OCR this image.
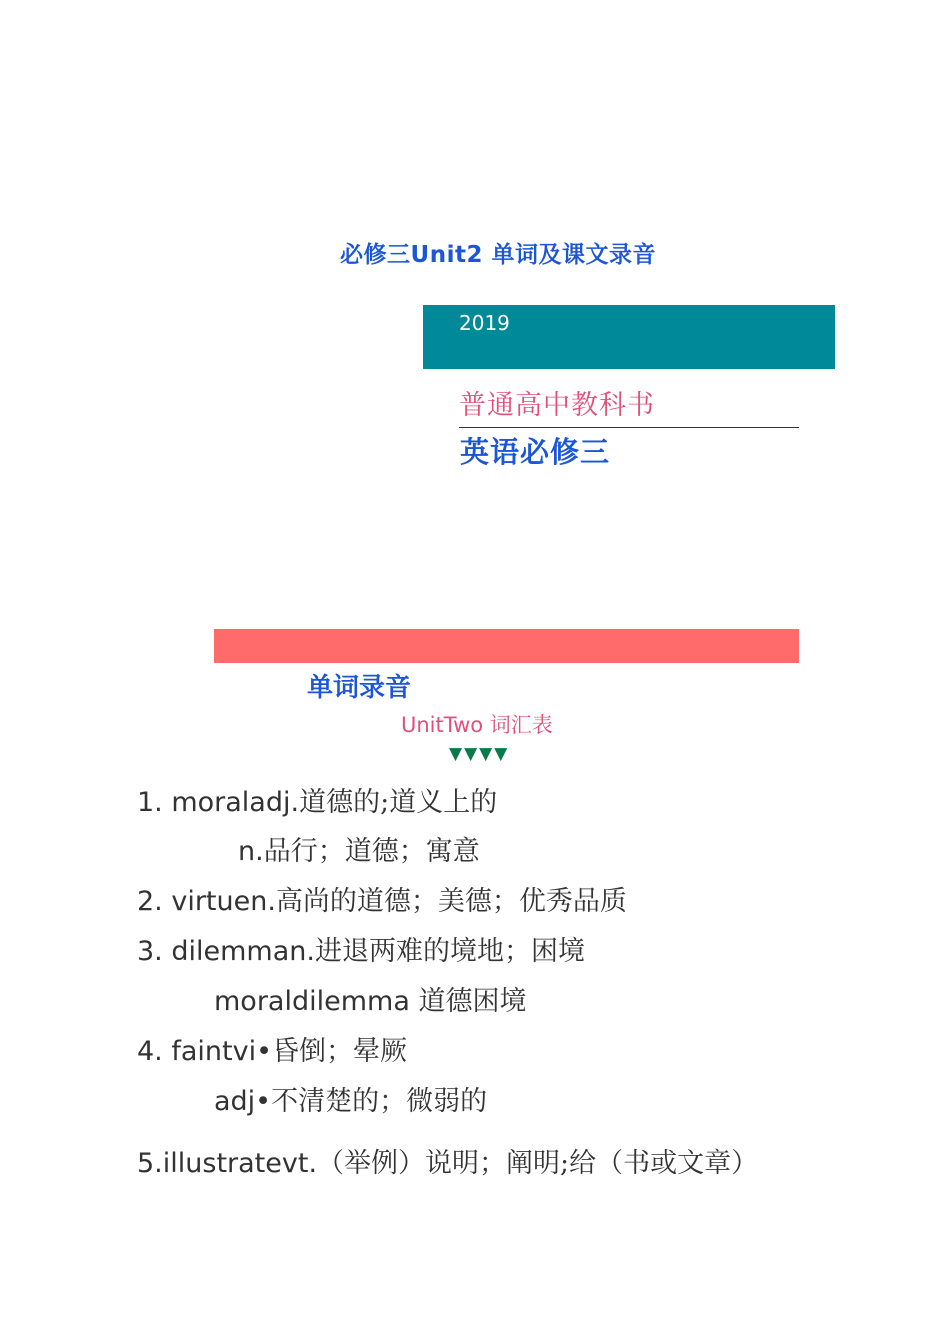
必修三Unit2 单词及课文录音
2019
普通高中教科书
英语必修三
单词录音
UnitTwo 词汇表
▼▼▼▼
1. moraladj.道德的;道义上的
n.品行；道德；寓意
2. virtuen.高尚的道德；美德；优秀品质
3. dilemman.进退两难的境地；困境
moraldilemma 道德困境
4. faintvi•昏倒；晕厥
adj•不清楚的；微弱的
5.illustratevt.（举例）说明；阐明;给（书或文章）
